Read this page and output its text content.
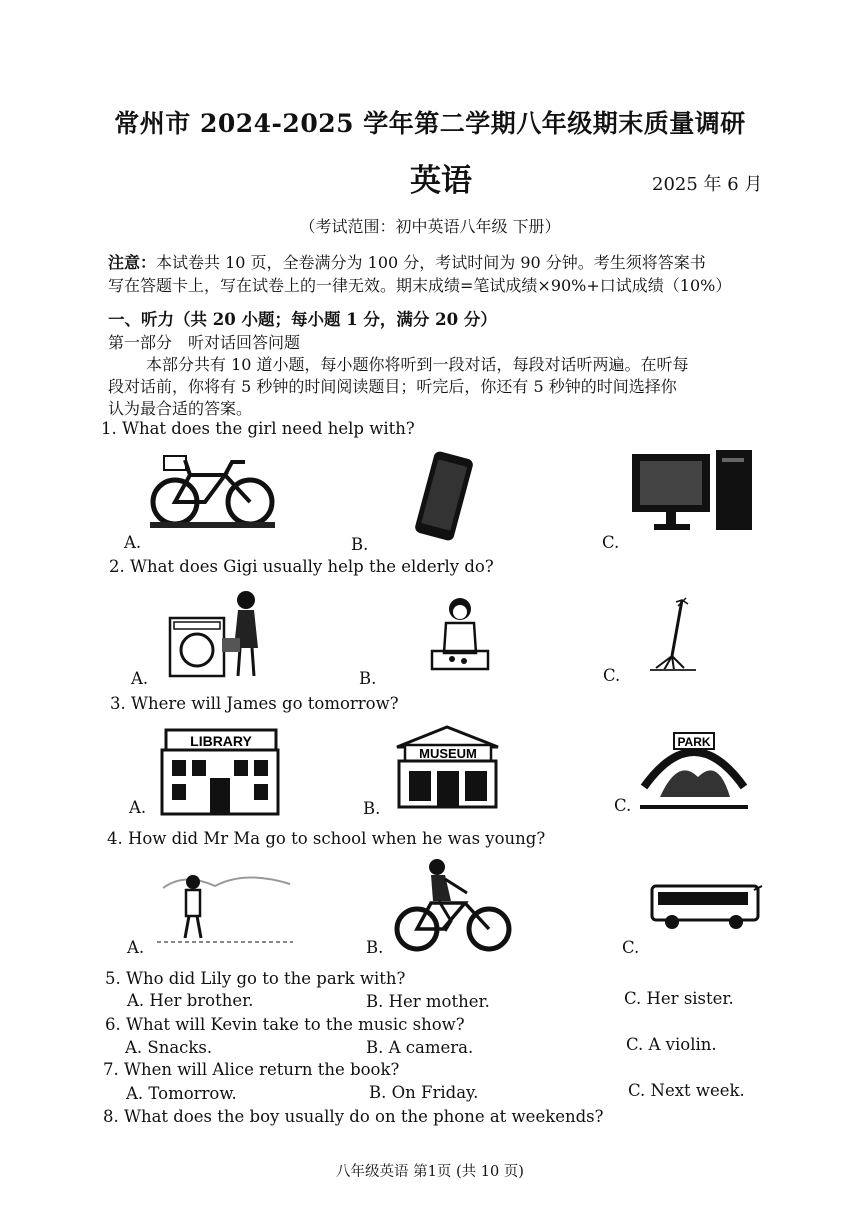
常州市 2024-2025 学年第二学期八年级期末质量调研
英语	2025 年 6 月
（考试范围：初中英语八年级 下册）
注意：本试卷共 10 页，全卷满分为 100 分，考试时间为 90 分钟。考生须将答案书
写在答题卡上，写在试卷上的一律无效。期末成绩=笔试成绩×90%+口试成绩（10%）
一、听力（共 20 小题；每小题 1 分，满分 20 分）
第一部分　听对话回答问题
本部分共有 10 道小题，每小题你将听到一段对话，每段对话听两遍。在听每
段对话前，你将有 5 秒钟的时间阅读题目；听完后，你还有 5 秒钟的时间选择你
认为最合适的答案。
1. What does the girl need help with?
A.	B.	C.
2. What does Gigi usually help the elderly do?
A.	B.	C.
3. Where will James go tomorrow?
LIBRARY
A.
MUSEUM
B.
PARK
C.
4. How did Mr Ma go to school when he was young?
A.	B.	C.
5. Who did Lily go to the park with?
A. Her brother.	B. Her mother.	C. Her sister.
6. What will Kevin take to the music show?
A. Snacks.	B. A camera.	C. A violin.
7. When will Alice return the book?
A. Tomorrow.	B. On Friday.	C. Next week.
8. What does the boy usually do on the phone at weekends?
八年级英语 第1页 (共 10 页)
